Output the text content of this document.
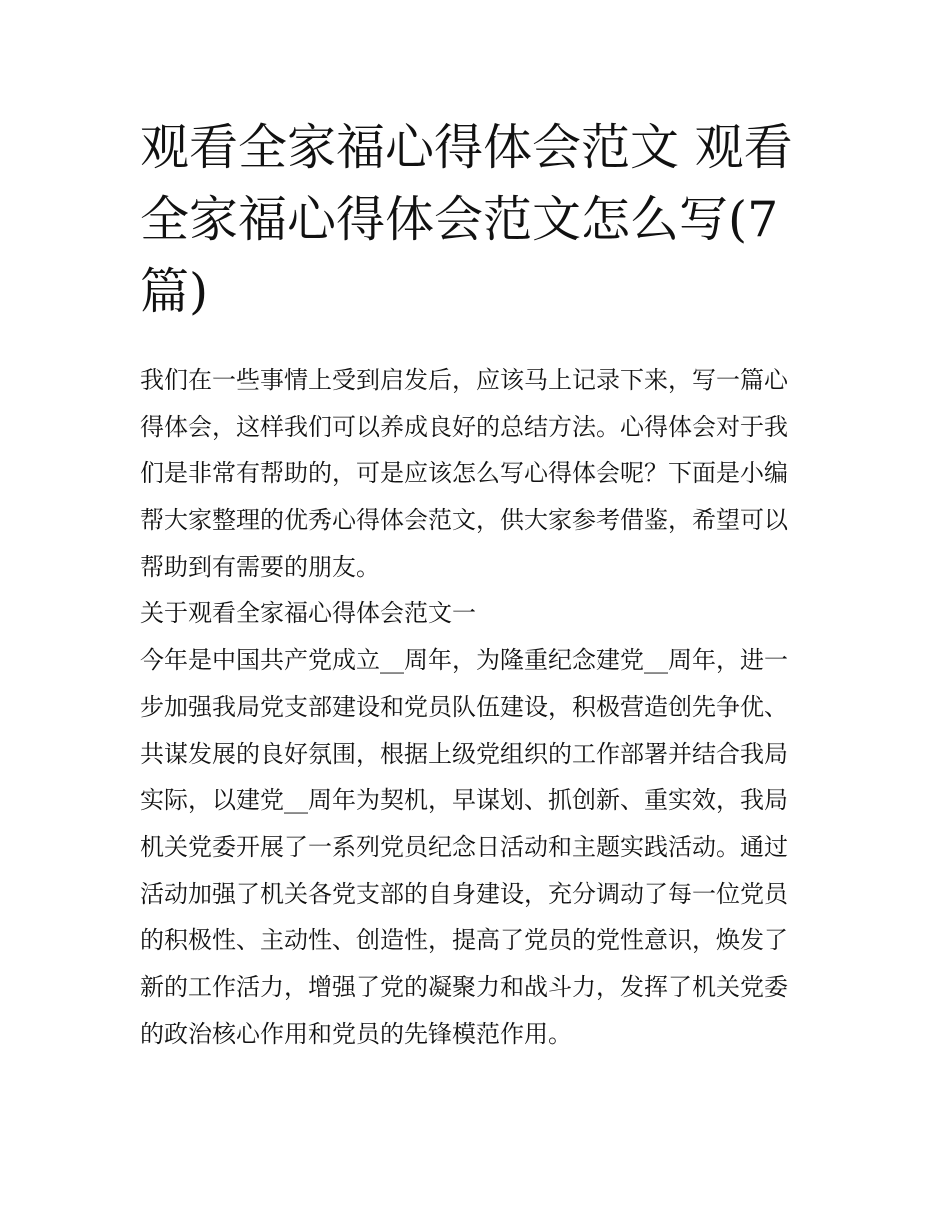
观看全家福心得体会范文 观看
全家福心得体会范文怎么写(7
篇)
我们在一些事情上受到启发后，应该马上记录下来，写一篇心
得体会，这样我们可以养成良好的总结方法。心得体会对于我
们是非常有帮助的，可是应该怎么写心得体会呢？下面是小编
帮大家整理的优秀心得体会范文，供大家参考借鉴，希望可以
帮助到有需要的朋友。
关于观看全家福心得体会范文一
今年是中国共产党成立__周年，为隆重纪念建党__周年，进一
步加强我局党支部建设和党员队伍建设，积极营造创先争优、
共谋发展的良好氛围，根据上级党组织的工作部署并结合我局
实际，以建党__周年为契机，早谋划、抓创新、重实效，我局
机关党委开展了一系列党员纪念日活动和主题实践活动。通过
活动加强了机关各党支部的自身建设，充分调动了每一位党员
的积极性、主动性、创造性，提高了党员的党性意识，焕发了
新的工作活力，增强了党的凝聚力和战斗力，发挥了机关党委
的政治核心作用和党员的先锋模范作用。
